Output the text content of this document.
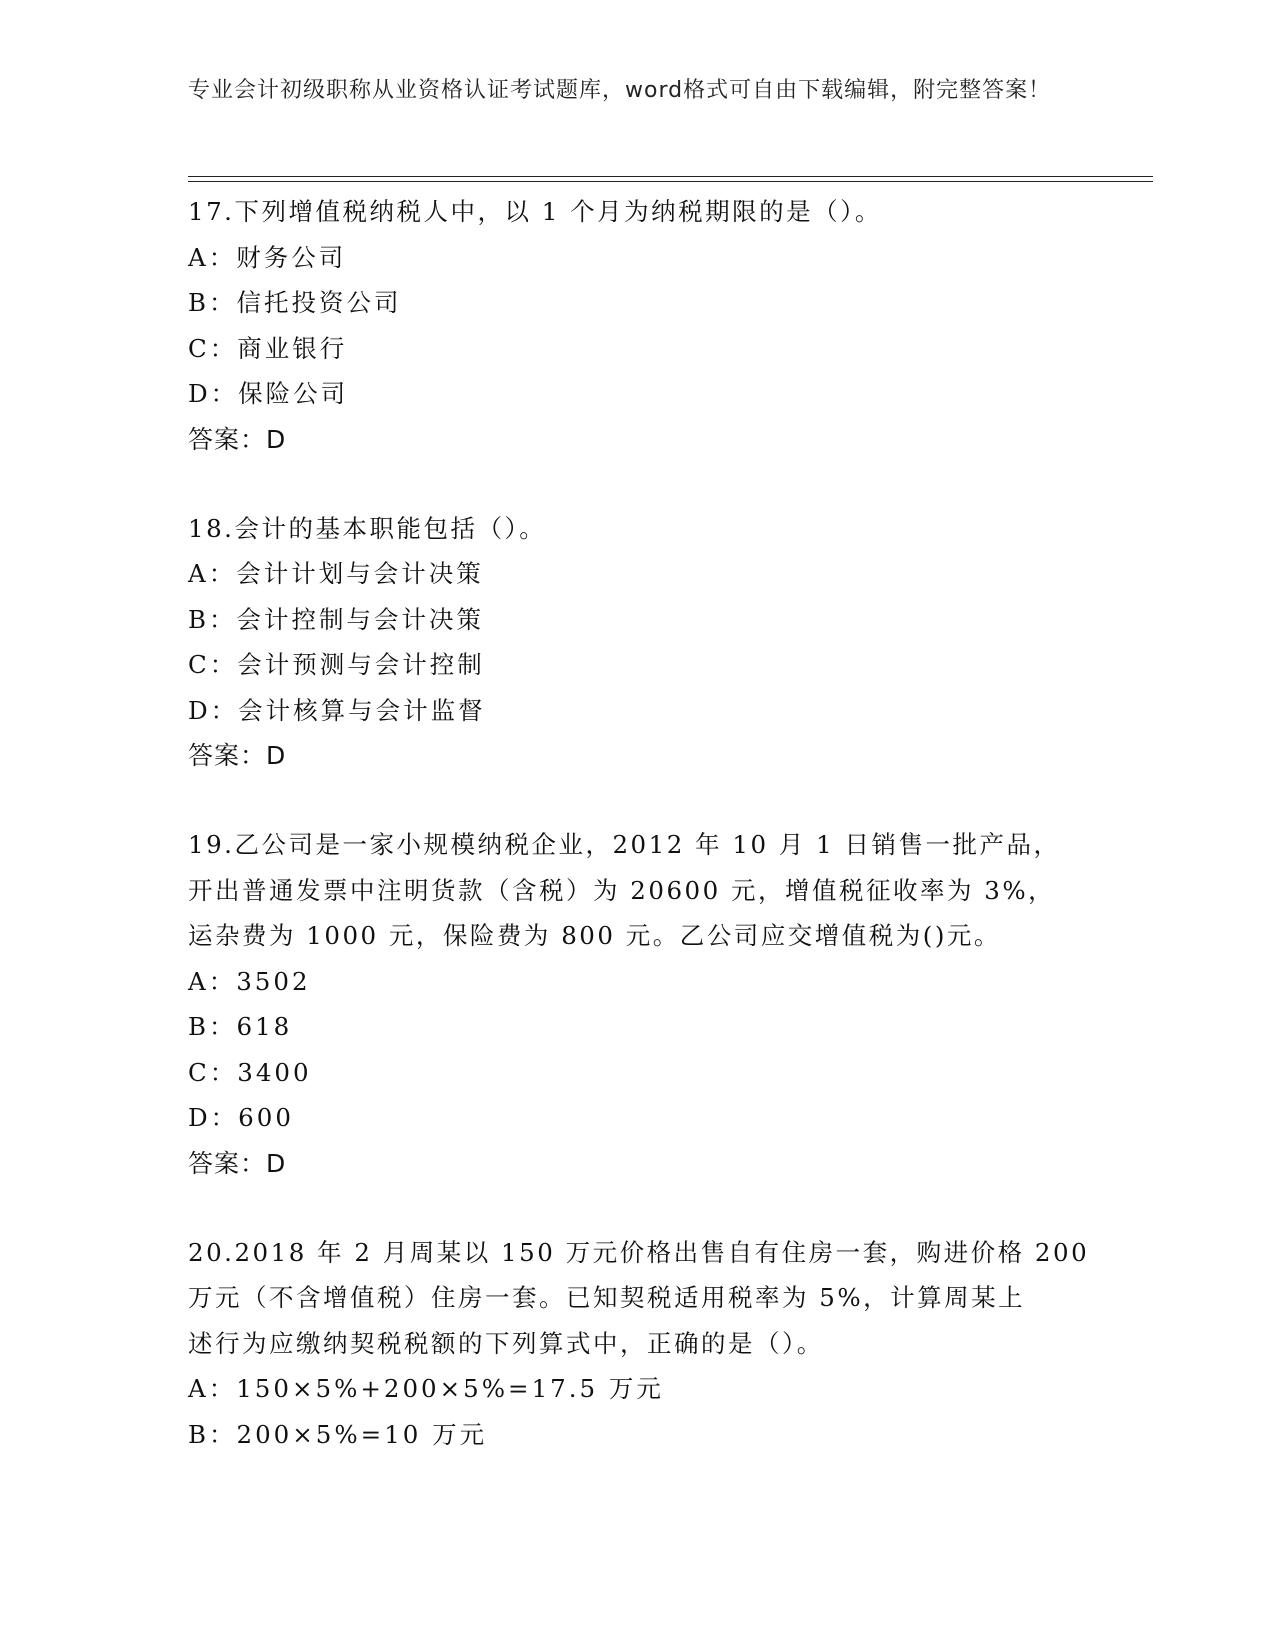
专业会计初级职称从业资格认证考试题库，word格式可自由下载编辑，附完整答案！
17.下列增值税纳税人中，以 1 个月为纳税期限的是（）。
A：财务公司
B：信托投资公司
C：商业银行
D：保险公司
答案：D
18.会计的基本职能包括（）。
A：会计计划与会计决策
B：会计控制与会计决策
C：会计预测与会计控制
D：会计核算与会计监督
答案：D
19.乙公司是一家小规模纳税企业，2012 年 10 月 1 日销售一批产品，
开出普通发票中注明货款（含税）为 20600 元，增值税征收率为 3%，
运杂费为 1000 元，保险费为 800 元。乙公司应交增值税为()元。
A：3502
B：618
C：3400
D：600
答案：D
20.2018 年 2 月周某以 150 万元价格出售自有住房一套，购进价格 200
万元（不含增值税）住房一套。已知契税适用税率为 5%，计算周某上
述行为应缴纳契税税额的下列算式中，正确的是（）。
A：150×5%+200×5%=17.5 万元
B：200×5%=10 万元
